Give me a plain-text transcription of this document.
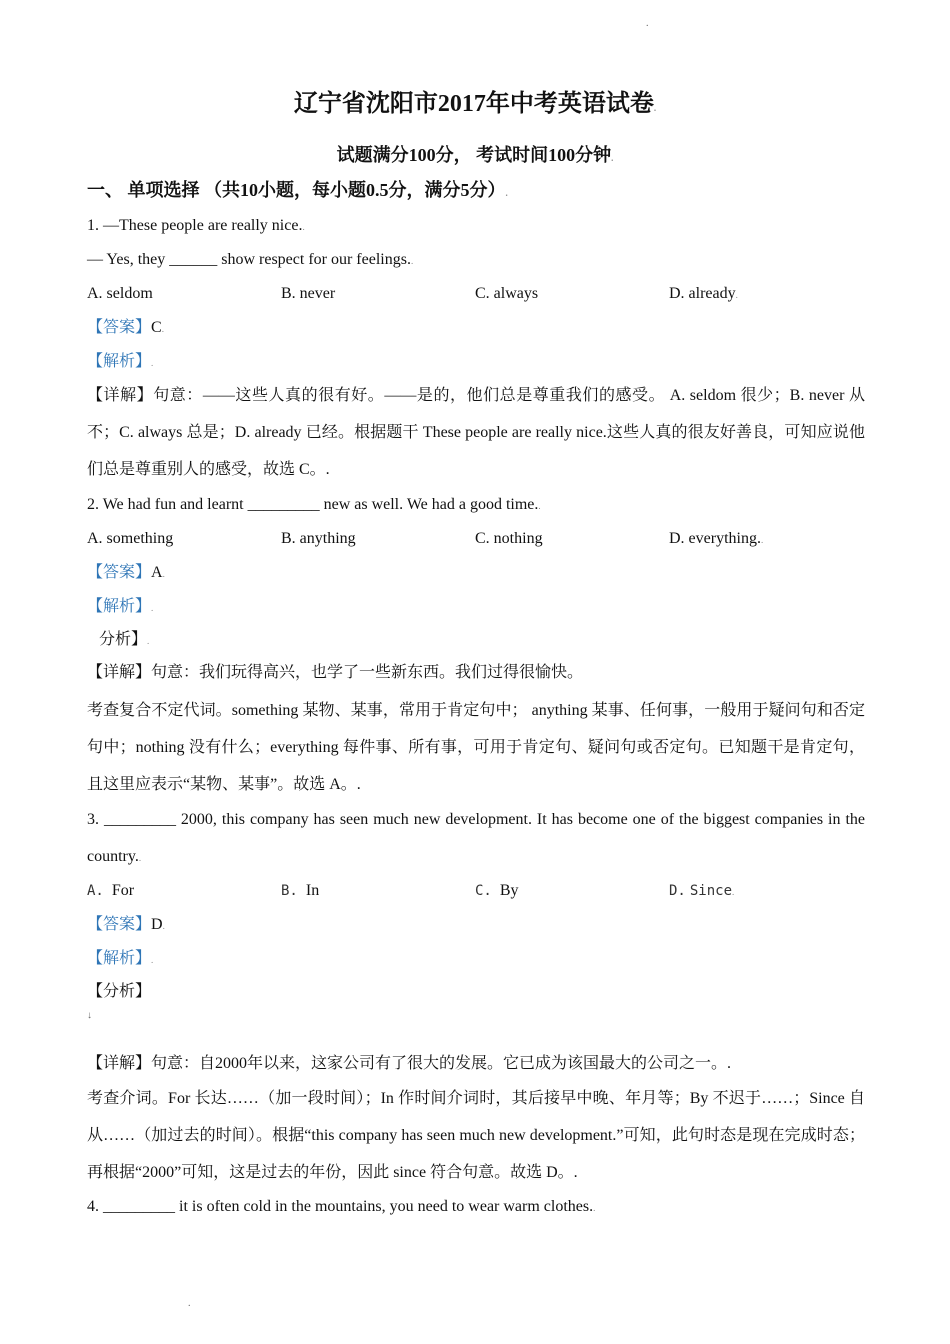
.
辽宁省沈阳市2017年中考英语试卷.
试题满分100分， 考试时间100分钟.
一、 单项选择 （共10小题，每小题0.5分，满分5分）.
1. —These people are really nice..
— Yes, they ______ show respect for our feelings..
A. seldom	B. never	C. always	D. already.
【答案】C.
【解析】.
【详解】句意：——这些人真的很有好。——是的，他们总是尊重我们的感受。 A. seldom 很少；B. never 从不；C. always 总是；D. already 已经。根据题干 These people are really nice.这些人真的很友好善良，可知应说他们总是尊重别人的感受，故选 C。.
2. We had fun and learnt _________ new as well. We had a good time..
A. something	B. anything	C. nothing	D. everything..
【答案】A.
【解析】.
分析】.
【详解】句意：我们玩得高兴，也学了一些新东西。我们过得很愉快。
考查复合不定代词。something 某物、某事，常用于肯定句中； anything 某事、任何事，一般用于疑问句和否定句中；nothing 没有什么；everything 每件事、所有事，可用于肯定句、疑问句或否定句。已知题干是肯定句，且这里应表示“某物、某事”。故选 A。.
3. _________ 2000, this company has seen much new development. It has become one of the biggest companies in the country..
A. For	B. In	C. By	D. Since.
【答案】D.
【解析】.
【分析】
↓
【详解】句意：自2000年以来，这家公司有了很大的发展。它已成为该国最大的公司之一。.
考查介词。For 长达……（加一段时间）；In 作时间介词时，其后接早中晚、年月等；By 不迟于……；Since 自从……（加过去的时间）。根据“this company has seen much new development.”可知，此句时态是现在完成时态；再根据“2000”可知，这是过去的年份，因此 since 符合句意。故选 D。.
4. _________ it is often cold in the mountains, you need to wear warm clothes..
.
